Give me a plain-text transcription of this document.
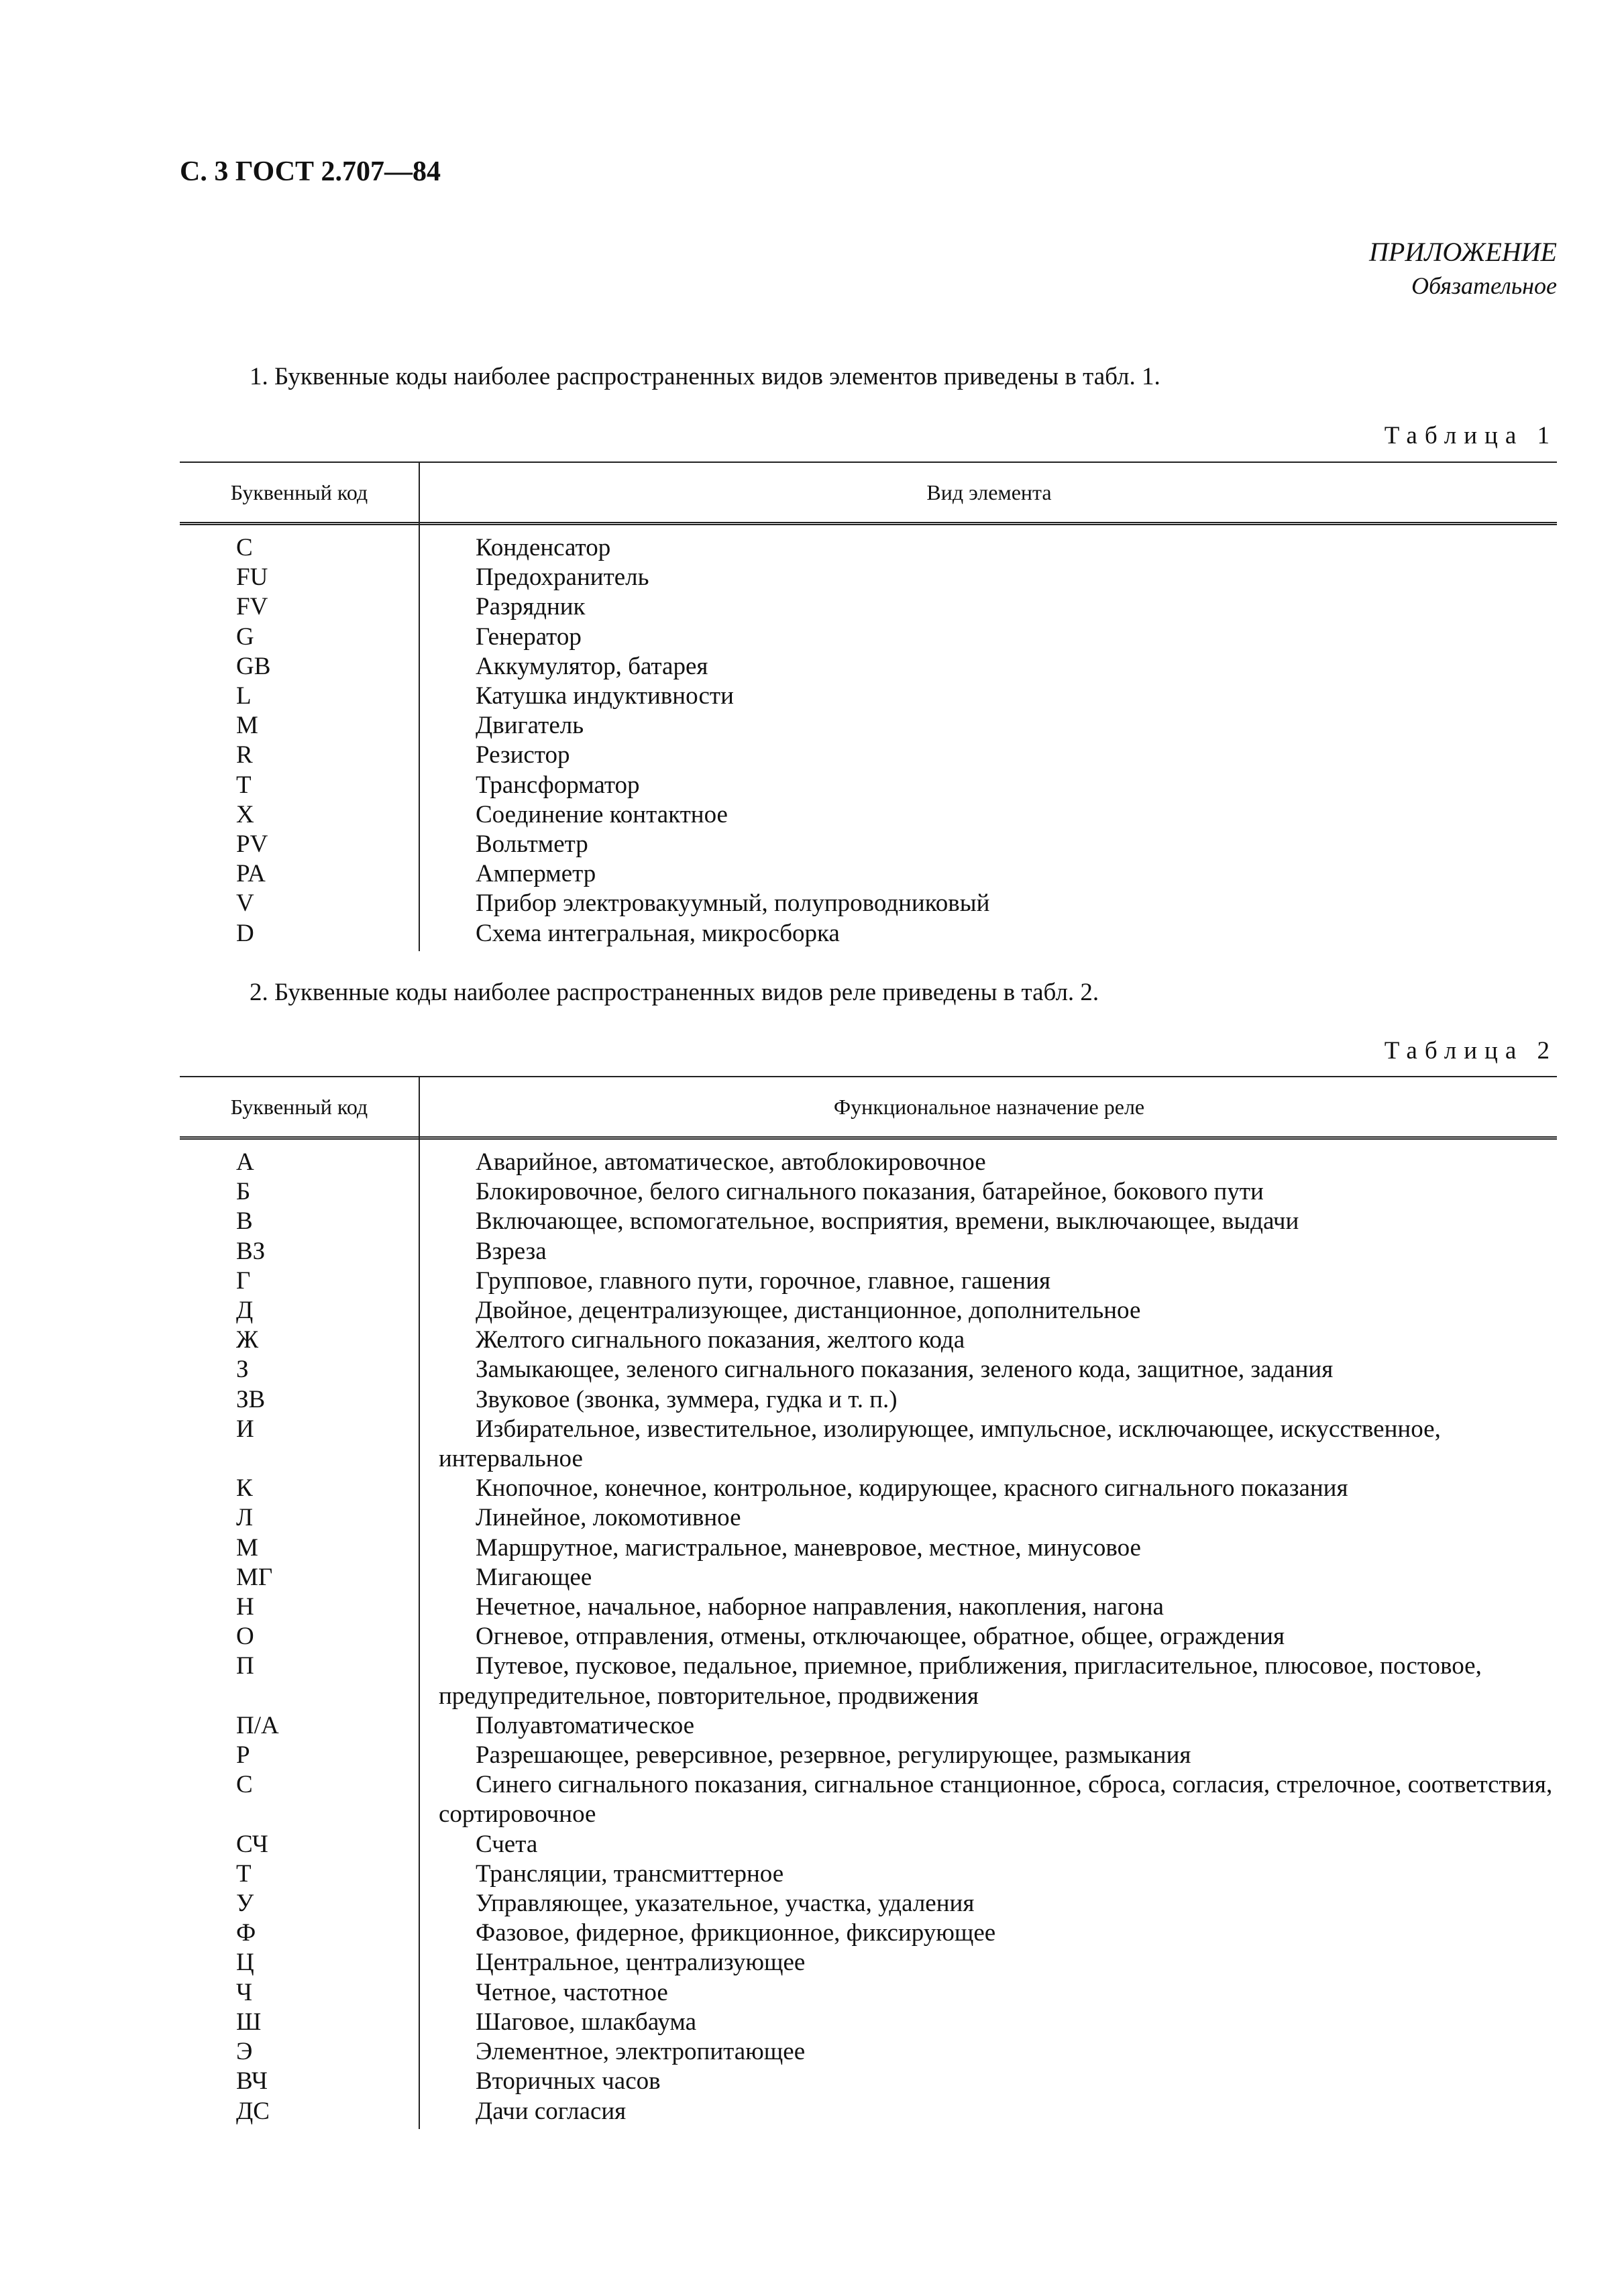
С. 3 ГОСТ 2.707—84
ПРИЛОЖЕНИЕ
Обязательное
1. Буквенные коды наиболее распространенных видов элементов приведены в табл. 1.
Таблица 1
Буквенный код	Вид элемента
C	Конденсатор
FU	Предохранитель
FV	Разрядник
G	Генератор
GB	Аккумулятор, батарея
L	Катушка индуктивности
M	Двигатель
R	Резистор
T	Трансформатор
X	Соединение контактное
PV	Вольтметр
PA	Амперметр
V	Прибор электровакуумный, полупроводниковый
D	Схема интегральная, микросборка
2. Буквенные коды наиболее распространенных видов реле приведены в табл. 2.
Таблица 2
Буквенный код	Функциональное назначение реле
А	Аварийное, автоматическое, автоблокировочное
Б	Блокировочное, белого сигнального показания, батарейное, бокового пути
В	Включающее, вспомогательное, восприятия, времени, выключающее, выдачи
ВЗ	Взреза
Г	Групповое, главного пути, горочное, главное, гашения
Д	Двойное, децентрализующее, дистанционное, дополнительное
Ж	Желтого сигнального показания, желтого кода
З	Замыкающее, зеленого сигнального показания, зеленого кода, защитное, задания
ЗВ	Звуковое (звонка, зуммера, гудка и т. п.)
И	Избирательное, известительное, изолирующее, импульсное, исключающее, искусственное, интервальное
К	Кнопочное, конечное, контрольное, кодирующее, красного сигнального показания
Л	Линейное, локомотивное
М	Маршрутное, магистральное, маневровое, местное, минусовое
МГ	Мигающее
Н	Нечетное, начальное, наборное направления, накопления, нагона
О	Огневое, отправления, отмены, отключающее, обратное, общее, ограждения
П	Путевое, пусковое, педальное, приемное, приближения, пригласительное, плюсовое, постовое, предупредительное, повторительное, продвижения
П/А	Полуавтоматическое
Р	Разрешающее, реверсивное, резервное, регулирующее, размыкания
С	Синего сигнального показания, сигнальное станционное, сброса, согласия, стрелочное, соответствия, сортировочное
СЧ	Счета
Т	Трансляции, трансмиттерное
У	Управляющее, указательное, участка, удаления
Ф	Фазовое, фидерное, фрикционное, фиксирующее
Ц	Центральное, централизующее
Ч	Четное, частотное
Ш	Шаговое, шлакбаума
Э	Элементное, электропитающее
ВЧ	Вторичных часов
ДС	Дачи согласия
